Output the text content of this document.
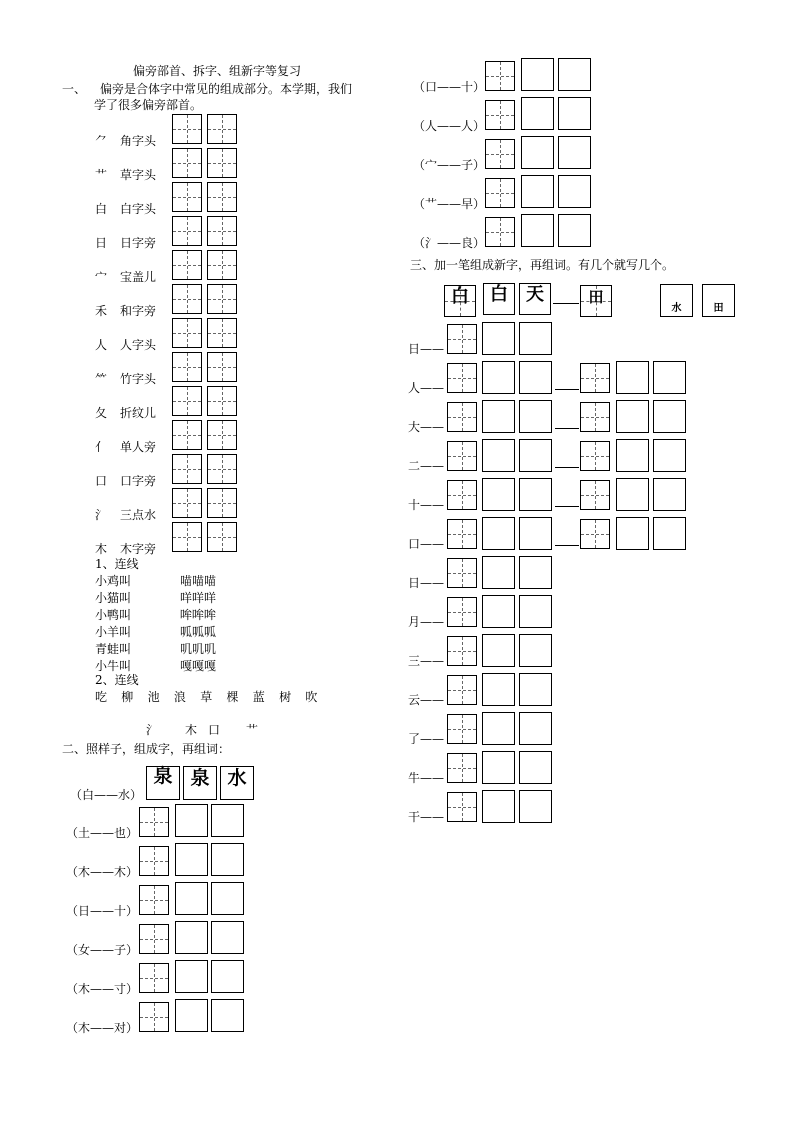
偏旁部首、拆字、组新字等复习
一、 偏旁是合体字中常见的组成部分。本学期，我们
学了很多偏旁部首。
⺈ 角字头
艹 草字头
白 白字头
日 日字旁
宀 宝盖儿
禾 和字旁
人 人字头
⺮ 竹字头
夂 折纹儿
亻 单人旁
口 口字旁
氵 三点水
木 木字旁
1、连线
小鸡叫
小猫叫
小鸭叫
小羊叫
青蛙叫
小牛叫
喵喵喵
咩咩咩
哞哞哞
呱呱呱
叽叽叽
嘎嘎嘎
2、连线
吃 柳 池 浪 草 棵 蓝 树 吹
氵 木 口 艹
二、照样子，组成字，再组词：
（白——水）
泉 泉 水
（土——也）
（木——木）
（日——十）
（女——子）
（木——寸）
（木——对）
（口——十）
（人——人）
（宀——子）
（艹——早）
（氵——良）
三、加一笔组成新字，再组词。有几个就写几个。
白	白	天	田
水	田
日——
人——
大——
二——
十——
口——
日——
月——
三——
云——
了——
牛——
干——
